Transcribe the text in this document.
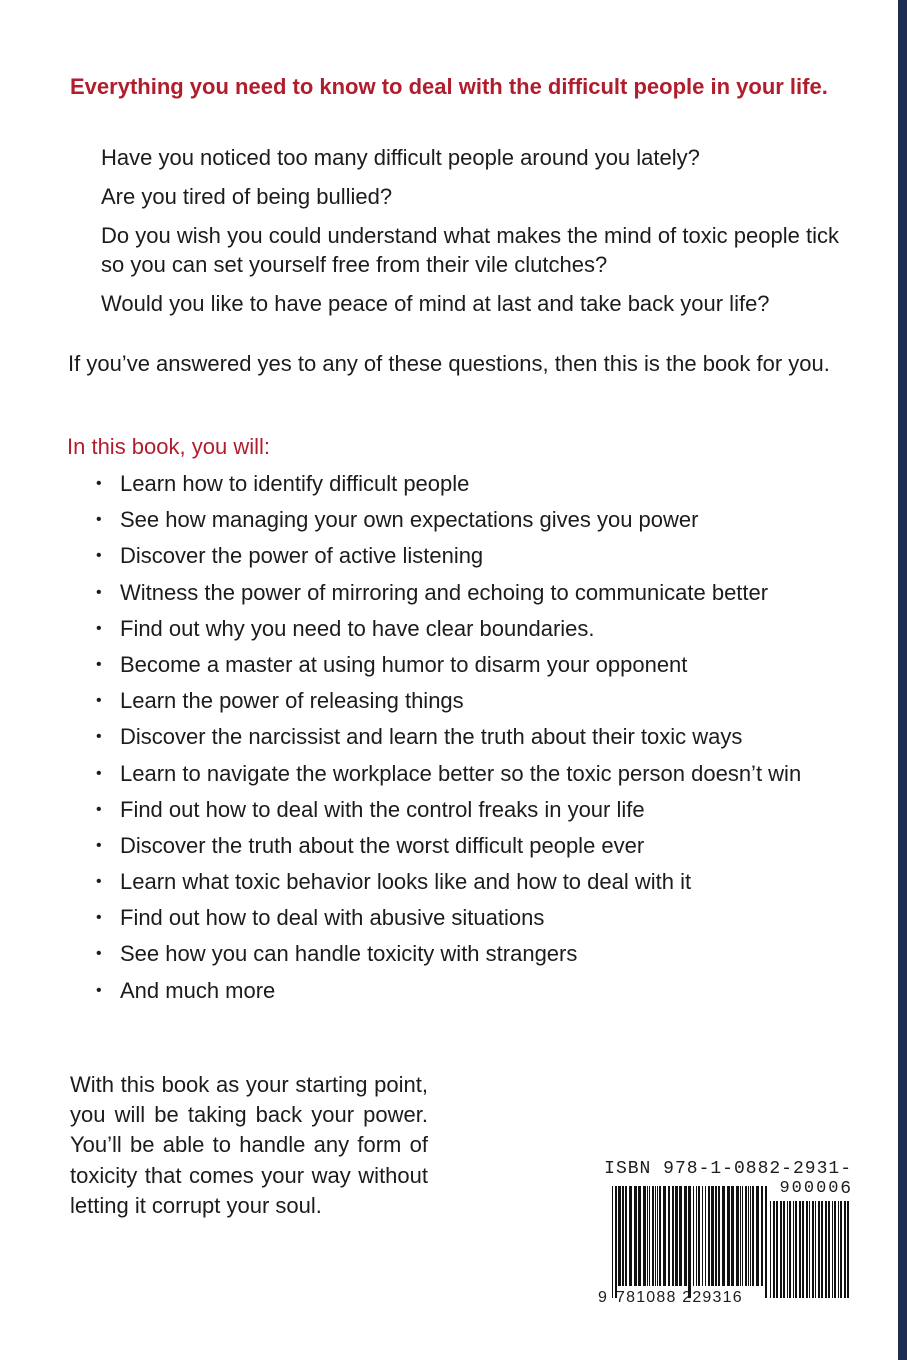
Everything you need to know to deal with the difficult people in your life.
Have you noticed too many difficult people around you lately?
Are you tired of being bullied?
Do you wish you could understand what makes the mind of toxic people tick so you can set yourself free from their vile clutches?
Would you like to have peace of mind at last and take back your life?
If you’ve answered yes to any of these questions, then this is the book for you.
In this book, you will:
• Learn how to identify difficult people
• See how managing your own expectations gives you power
• Discover the power of active listening
• Witness the power of mirroring and echoing to communicate better
• Find out why you need to have clear boundaries.
• Become a master at using humor to disarm your opponent
• Learn the power of releasing things
• Discover the narcissist and learn the truth about their toxic ways
• Learn to navigate the workplace better so the toxic person doesn’t win
• Find out how to deal with the control freaks in your life
• Discover the truth about the worst difficult people ever
• Learn what toxic behavior looks like and how to deal with it
• Find out how to deal with abusive situations
• See how you can handle toxicity with strangers
• And much more
With this book as your starting point, you will be taking back your power. You’ll be able to handle any form of toxicity that comes your way without letting it corrupt your soul.
ISBN 978-1-0882-2931-6
90000
9 781088 229316
